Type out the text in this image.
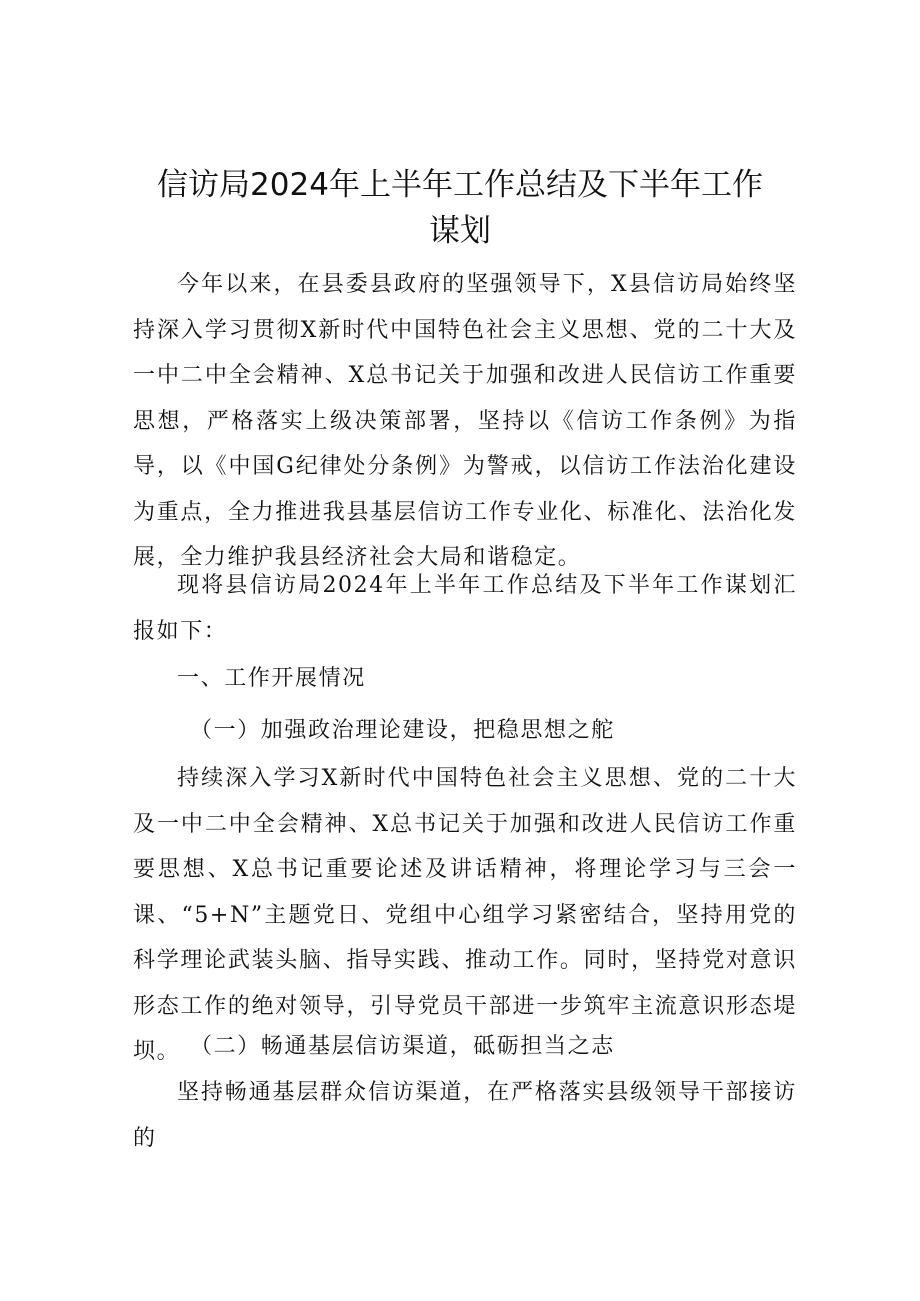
信访局2024年上半年工作总结及下半年工作谋划

今年以来，在县委县政府的坚强领导下，X县信访局始终坚持深入学习贯彻X新时代中国特色社会主义思想、党的二十大及一中二中全会精神、X总书记关于加强和改进人民信访工作重要思想，严格落实上级决策部署，坚持以《信访工作条例》为指导，以《中国G纪律处分条例》为警戒，以信访工作法治化建设为重点，全力推进我县基层信访工作专业化、标准化、法治化发展，全力维护我县经济社会大局和谐稳定。

现将县信访局2024年上半年工作总结及下半年工作谋划汇报如下：

一、工作开展情况

（一）加强政治理论建设，把稳思想之舵

持续深入学习X新时代中国特色社会主义思想、党的二十大及一中二中全会精神、X总书记关于加强和改进人民信访工作重要思想、X总书记重要论述及讲话精神，将理论学习与三会一课、“5+N”主题党日、党组中心组学习紧密结合，坚持用党的科学理论武装头脑、指导实践、推动工作。同时，坚持党对意识形态工作的绝对领导，引导党员干部进一步筑牢主流意识形态堤坝。 （二）畅通基层信访渠道，砥砺担当之志

坚持畅通基层群众信访渠道，在严格落实县级领导干部接访的
